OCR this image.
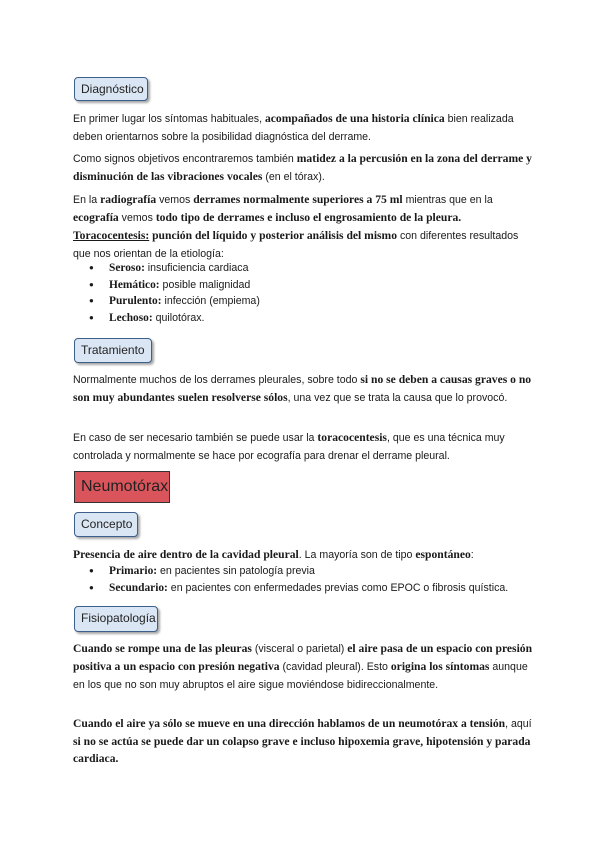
Diagnóstico

En primer lugar los síntomas habituales, acompañados de una historia clínica bien realizada deben orientarnos sobre la posibilidad diagnóstica del derrame.

Como signos objetivos encontraremos también matidez a la percusión en la zona del derrame y disminución de las vibraciones vocales (en el tórax).

En la radiografía vemos derrames normalmente superiores a 75 ml mientras que en la ecografía vemos todo tipo de derrames e incluso el engrosamiento de la pleura.
Toracocentesis: punción del líquido y posterior análisis del mismo con diferentes resultados que nos orientan de la etiología:

● Seroso: insuficiencia cardiaca
● Hemático: posible malignidad
● Purulento: infección (empiema)
● Lechoso: quilotórax.
Tratamiento

Normalmente muchos de los derrames pleurales, sobre todo si no se deben a causas graves o no son muy abundantes suelen resolverse sólos, una vez que se trata la causa que lo provocó.

En caso de ser necesario también se puede usar la toracocentesis, que es una técnica muy controlada y normalmente se hace por ecografía para drenar el derrame pleural.

Neumotórax
Concepto

Presencia de aire dentro de la cavidad pleural. La mayoría son de tipo espontáneo:

● Primario: en pacientes sin patología previa
● Secundario: en pacientes con enfermedades previas como EPOC o fibrosis quística.
Fisiopatología

Cuando se rompe una de las pleuras (visceral o parietal) el aire pasa de un espacio con presión positiva a un espacio con presión negativa (cavidad pleural). Esto origina los síntomas aunque en los que no son muy abruptos el aire sigue moviéndose bidireccionalmente.

Cuando el aire ya sólo se mueve en una dirección hablamos de un neumotórax a tensión, aquí si no se actúa se puede dar un colapso grave e incluso hipoxemia grave, hipotensión y parada cardiaca.
